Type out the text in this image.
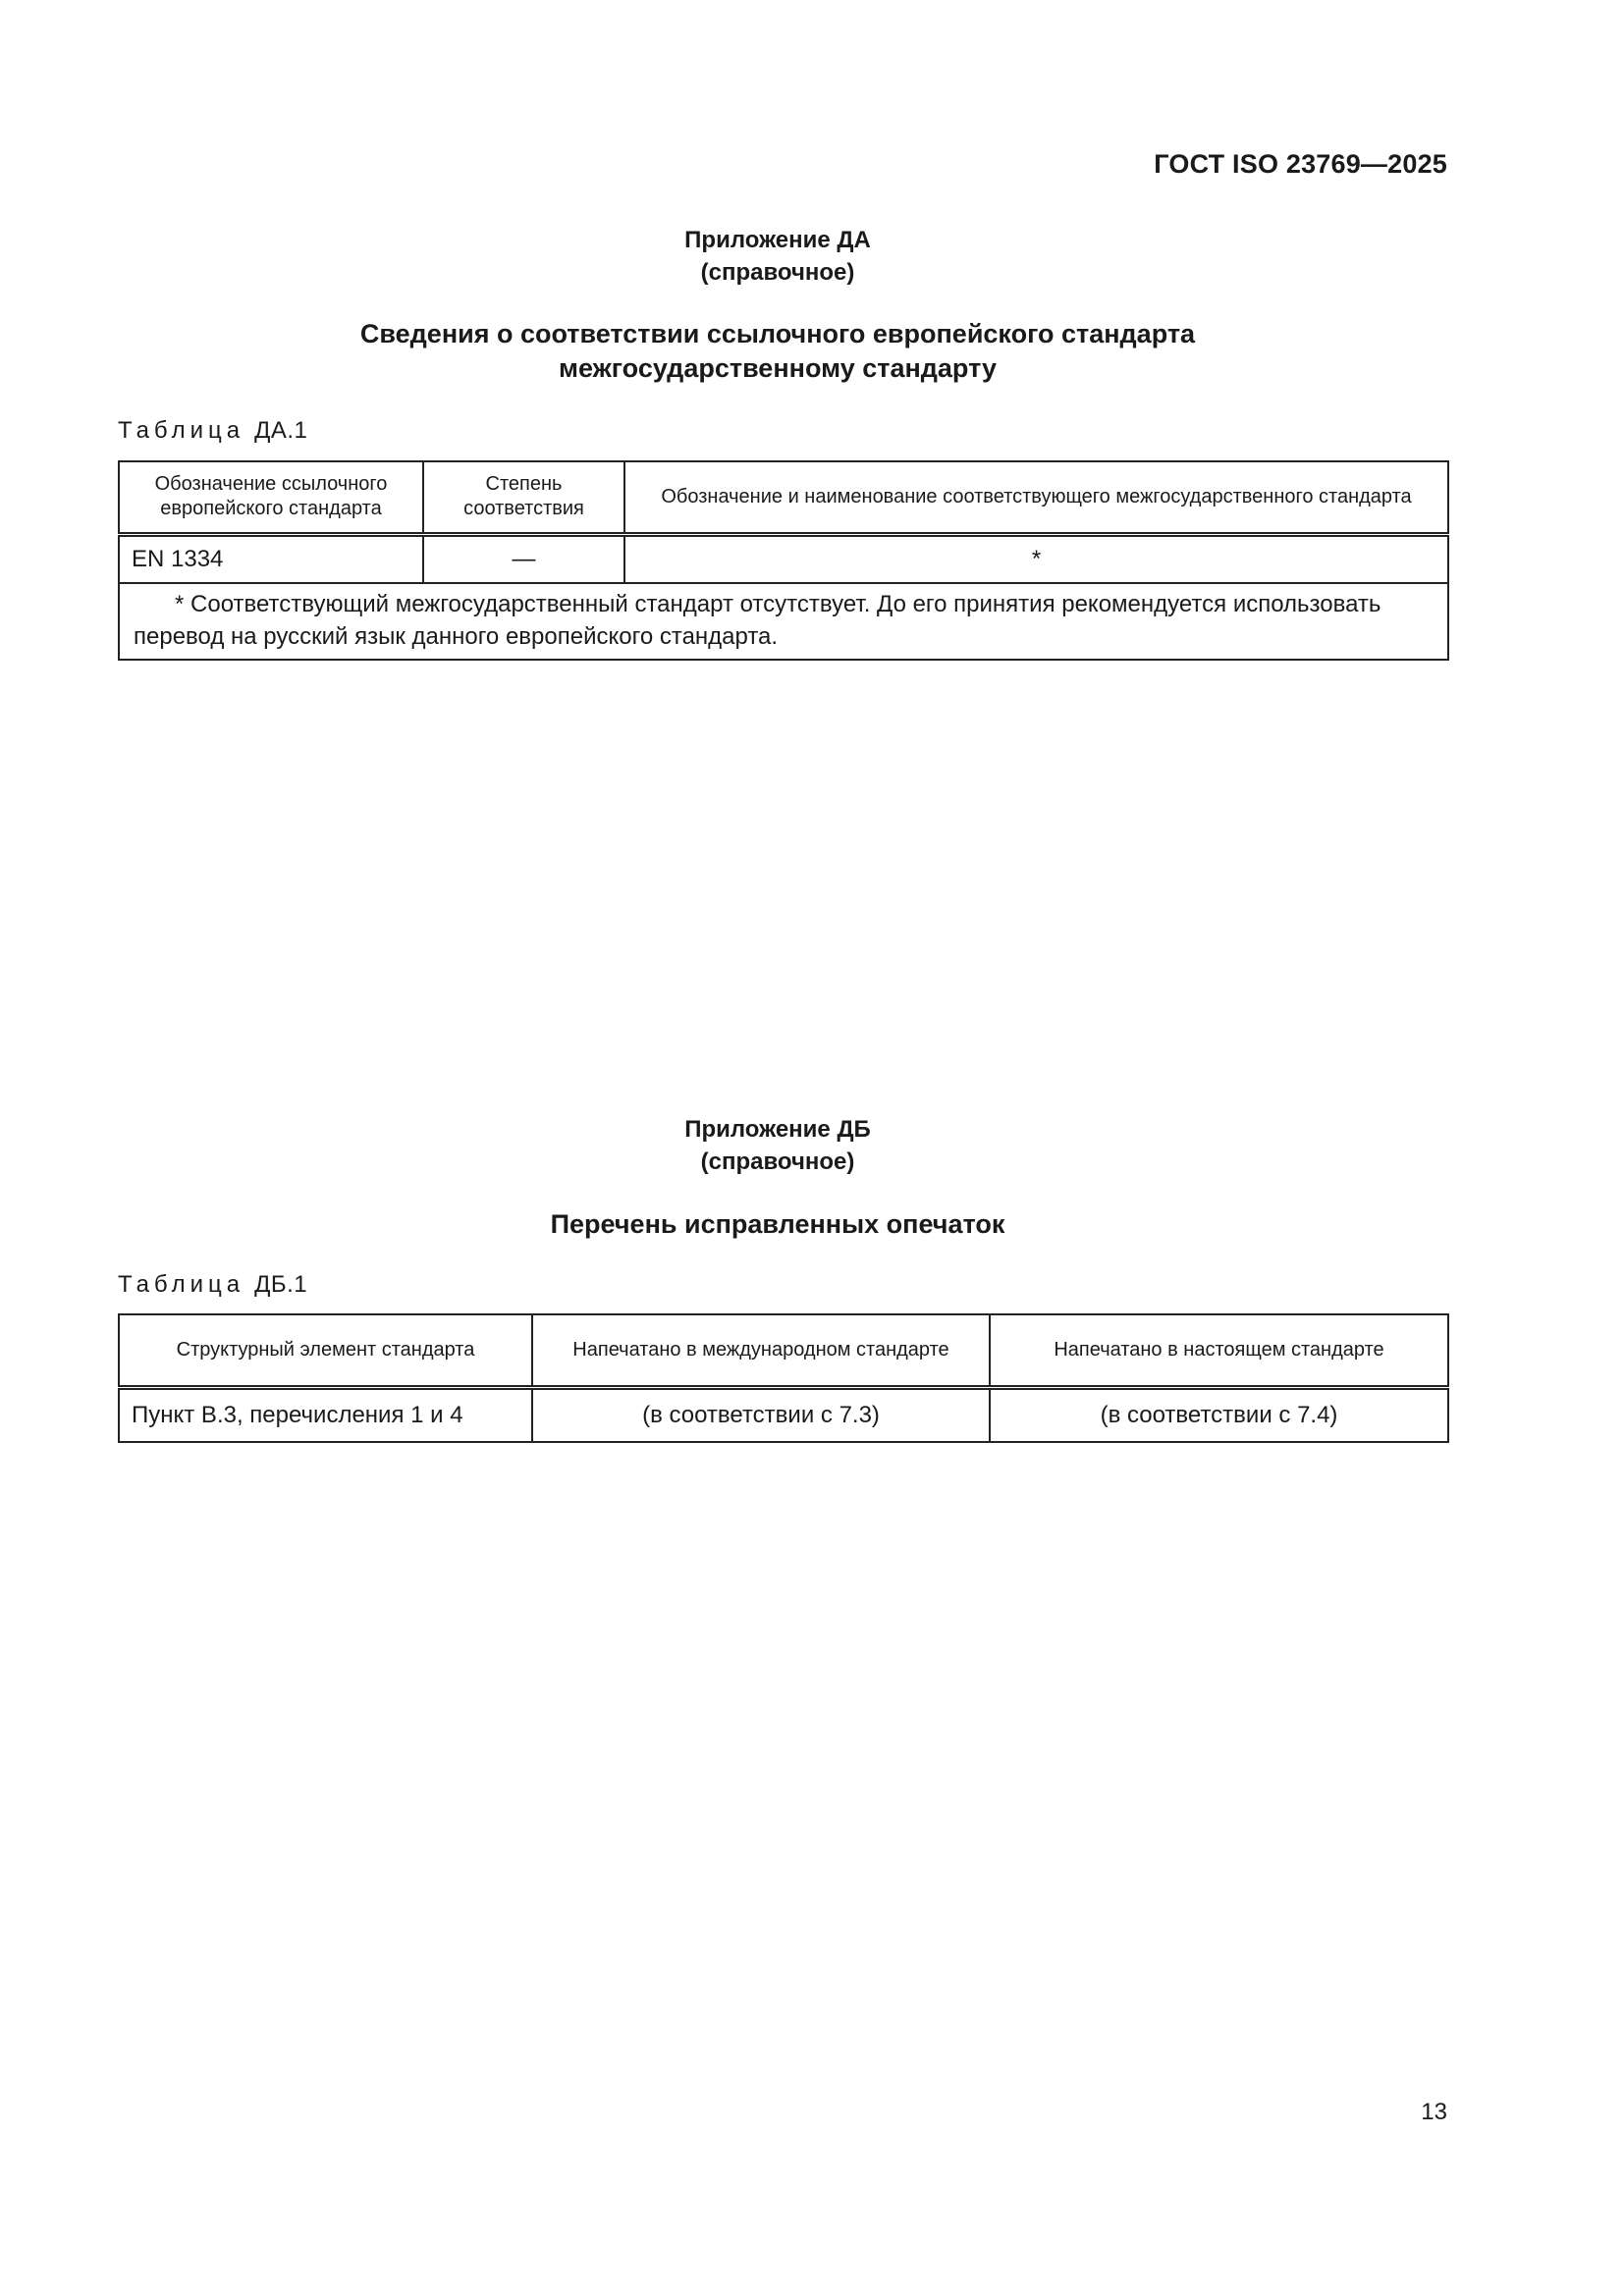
ГОСТ ISO 23769—2025
Приложение ДА
(справочное)
Сведения о соответствии ссылочного европейского стандарта
межгосударственному стандарту
Таблица ДА.1
Обозначение ссылочного европейского стандарта	Степень соответствия	Обозначение и наименование соответствующего межгосударственного стандарта
EN 1334	—	*

* Соответствующий межгосударственный стандарт отсутствует. До его принятия рекомендуется использовать перевод на русский язык данного европейского стандарта.		
Приложение ДБ
(справочное)
Перечень исправленных опечаток
Таблица ДБ.1
Структурный элемент стандарта	Напечатано в международном стандарте	Напечатано в настоящем стандарте
Пункт В.3, перечисления 1 и 4	(в соответствии с 7.3)	(в соответствии с 7.4)
13
